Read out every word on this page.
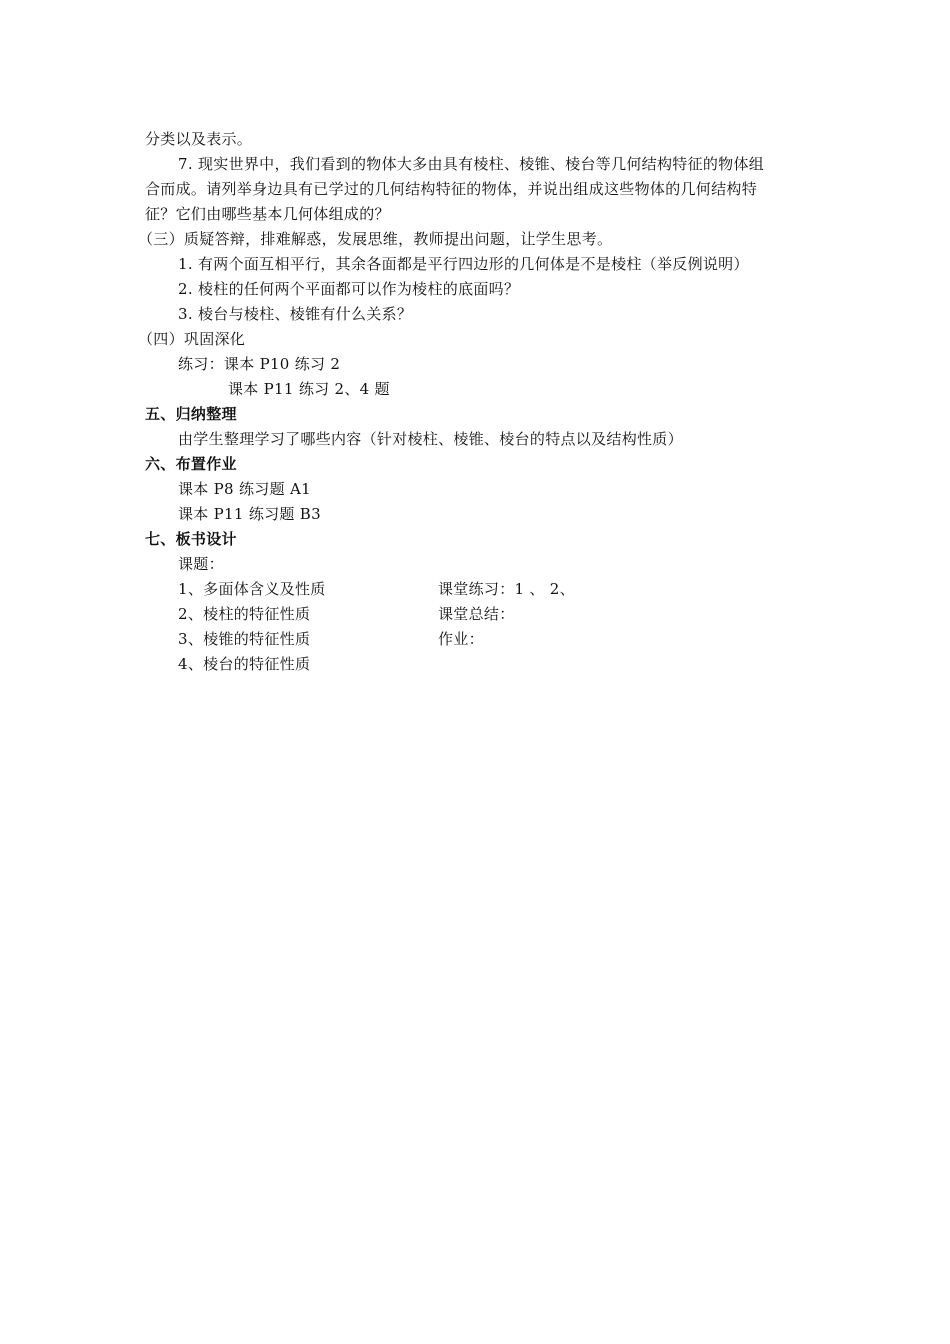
分类以及表示。
7. 现实世界中，我们看到的物体大多由具有棱柱、棱锥、棱台等几何结构特征的物体组
合而成。请列举身边具有已学过的几何结构特征的物体，并说出组成这些物体的几何结构特
征？它们由哪些基本几何体组成的？
（三）质疑答辩，排难解惑，发展思维，教师提出问题，让学生思考。
1. 有两个面互相平行，其余各面都是平行四边形的几何体是不是棱柱（举反例说明）
2. 棱柱的任何两个平面都可以作为棱柱的底面吗？
3. 棱台与棱柱、棱锥有什么关系？
（四）巩固深化
练习：课本 P10 练习 2
课本 P11 练习 2、4 题
五、归纳整理
由学生整理学习了哪些内容（针对棱柱、棱锥、棱台的特点以及结构性质）
六、布置作业
课本 P8 练习题 A1
课本 P11 练习题 B3
七、板书设计
课题：
1、多面体含义及性质
2、棱柱的特征性质
3、棱锥的特征性质
4、棱台的特征性质
课堂练习：1 、 2、
课堂总结：
作业：
